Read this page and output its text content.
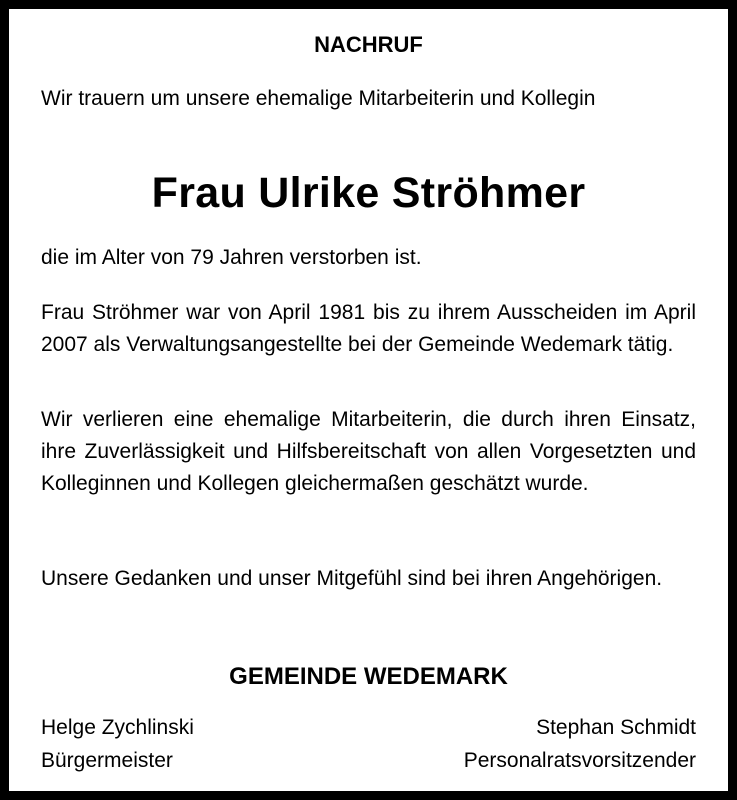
NACHRUF

Wir trauern um unsere ehemalige Mitarbeiterin und Kollegin

Frau Ulrike Ströhmer

die im Alter von 79 Jahren verstorben ist.

Frau Ströhmer war von April 1981 bis zu ihrem Ausscheiden im April 2007 als Verwaltungsangestellte bei der Gemeinde Wedemark tätig.

Wir verlieren eine ehemalige Mitarbeiterin, die durch ihren Einsatz, ihre Zuverlässigkeit und Hilfsbereitschaft von allen Vorgesetzten und Kolleginnen und Kollegen gleichermaßen geschätzt wurde.

Unsere Gedanken und unser Mitgefühl sind bei ihren Angehörigen.

GEMEINDE WEDEMARK
Helge Zychlinski
Bürgermeister
Stephan Schmidt
Personalratsvorsitzender
